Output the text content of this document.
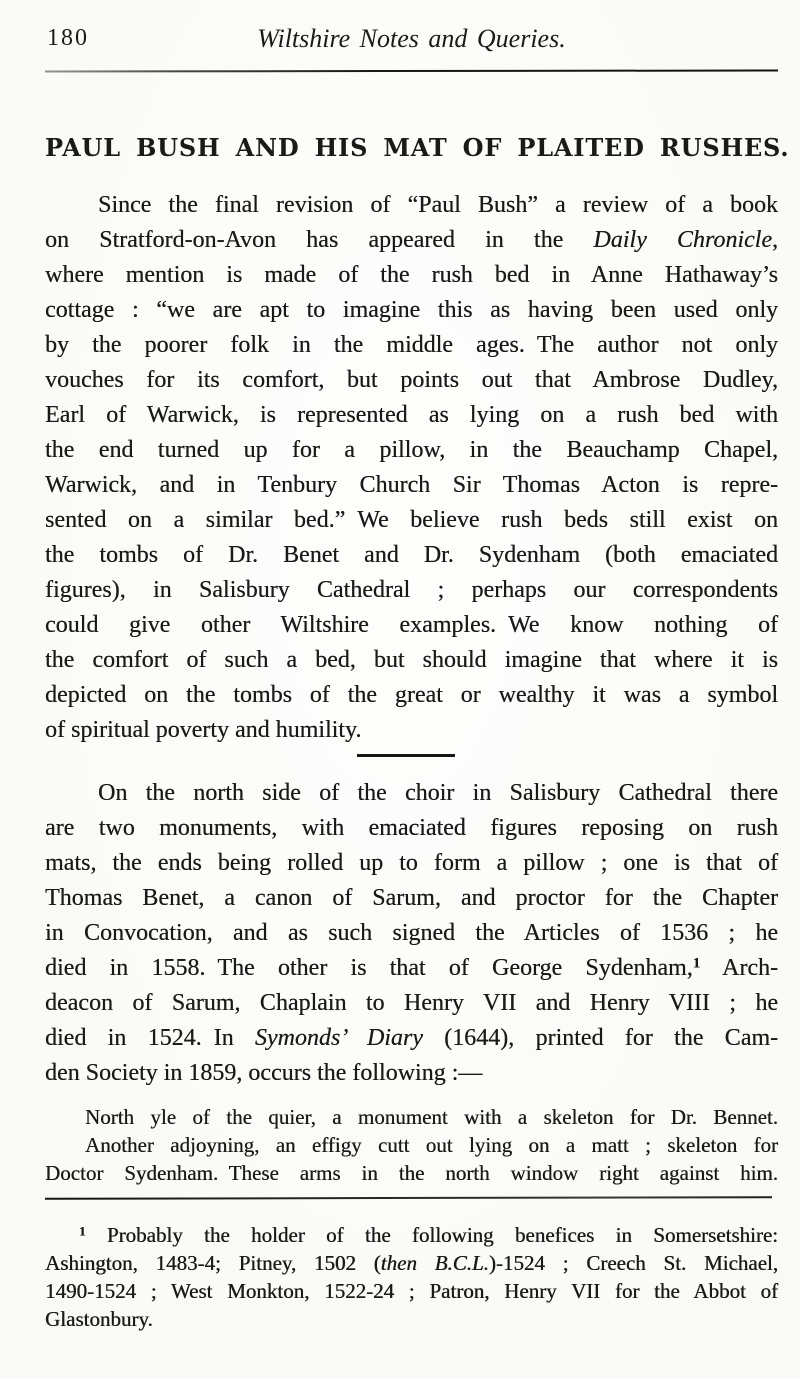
180	Wiltshire Notes and Queries.
PAUL BUSH AND HIS MAT OF PLAITED RUSHES.
Since the final revision of “Paul Bush” a review of a book
on Stratford-on-Avon has appeared in the Daily Chronicle,
where mention is made of the rush bed in Anne Hathaway’s
cottage : “we are apt to imagine this as having been used only
by the poorer folk in the middle ages. The author not only
vouches for its comfort, but points out that Ambrose Dudley,
Earl of Warwick, is represented as lying on a rush bed with
the end turned up for a pillow, in the Beauchamp Chapel,
Warwick, and in Tenbury Church Sir Thomas Acton is repre-
sented on a similar bed.” We believe rush beds still exist on
the tombs of Dr. Benet and Dr. Sydenham (both emaciated
figures), in Salisbury Cathedral ; perhaps our correspondents
could give other Wiltshire examples. We know nothing of
the comfort of such a bed, but should imagine that where it is
depicted on the tombs of the great or wealthy it was a symbol
of spiritual poverty and humility.
On the north side of the choir in Salisbury Cathedral there
are two monuments, with emaciated figures reposing on rush
mats, the ends being rolled up to form a pillow ; one is that of
Thomas Benet, a canon of Sarum, and proctor for the Chapter
in Convocation, and as such signed the Articles of 1536 ; he
died in 1558. The other is that of George Sydenham,$^1$ Arch-
deacon of Sarum, Chaplain to Henry VII and Henry VIII ; he
died in 1524. In Symonds’ Diary (1644), printed for the Cam-
den Society in 1859, occurs the following :—
North yle of the quier, a monument with a skeleton for Dr. Bennet.
Another adjoyning, an effigy cutt out lying on a matt ; skeleton for
Doctor Sydenham. These arms in the north window right against him.
$^1$ Probably the holder of the following benefices in Somersetshire:
Ashington, 1483-4; Pitney, 1502 (then B.C.L.)-1524 ; Creech St. Michael,
1490-1524 ; West Monkton, 1522-24 ; Patron, Henry VII for the Abbot of
Glastonbury.
